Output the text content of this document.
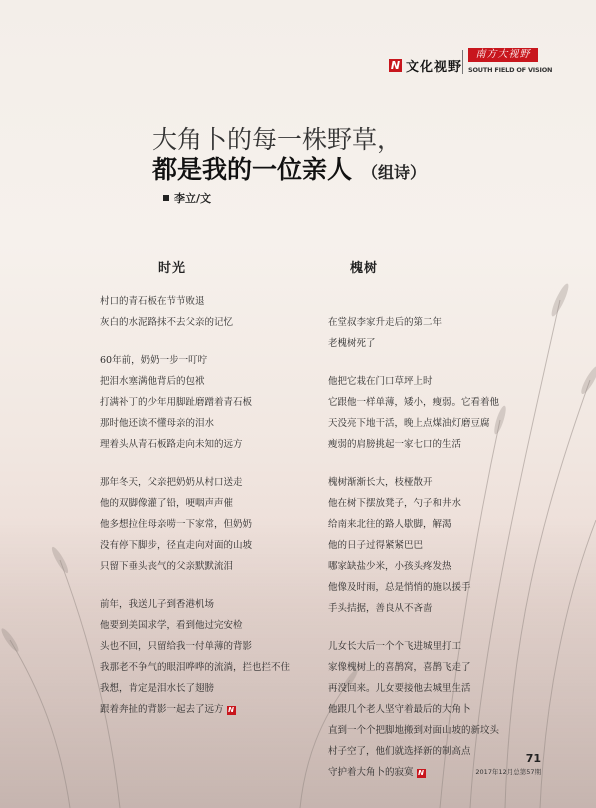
N 文化视野
南方大视野
SOUTH FIELD OF VISION
大角卜的每一株野草，
都是我的一位亲人 （组诗）
李立/文
时光	槐树
村口的青石板在节节败退
灰白的水泥路抹不去父亲的记忆
60年前，奶奶一步一叮咛
把泪水塞满他背后的包袱
打满补丁的少年用脚趾磨蹭着青石板
那时他还读不懂母亲的泪水
理着头从青石板路走向未知的远方
那年冬天，父亲把奶奶从村口送走
他的双脚像灌了铅，哽咽声声催
他多想拉住母亲唠一下家常，但奶奶
没有停下脚步，径直走向对面的山坡
只留下垂头丧气的父亲默默流泪
前年，我送儿子到香港机场
他要到美国求学，看到他过完安检
头也不回，只留给我一付单薄的背影
我那老不争气的眼泪哗哗的流淌，拦也拦不住
我想，肯定是泪水长了翅膀
跟着奔扯的背影一起去了远方 N
在堂叔李家升走后的第二年
老槐树死了
他把它栽在门口草坪上时
它跟他一样单薄，矮小，瘦弱。它看着他
天没亮下地干活，晚上点煤油灯磨豆腐
瘦弱的肩膀挑起一家七口的生活
槐树渐渐长大，枝桠散开
他在树下摆放凳子，勺子和井水
给南来北往的路人歇脚，解渴
他的日子过得紧紧巴巴
哪家缺盐少米，小孩头疼发热
他像及时雨，总是悄悄的施以援手
手头拮据，善良从不吝啬
儿女长大后一个个飞进城里打工
家像槐树上的喜鹊窝，喜鹊飞走了
再没回来。儿女要接他去城里生活
他跟几个老人坚守着最后的大角卜
直到一个个把脚地搬到对面山坡的新坟头
村子空了，他们就选择新的制高点
守护着大角卜的寂寞 N
71
2017年12月总第57期
